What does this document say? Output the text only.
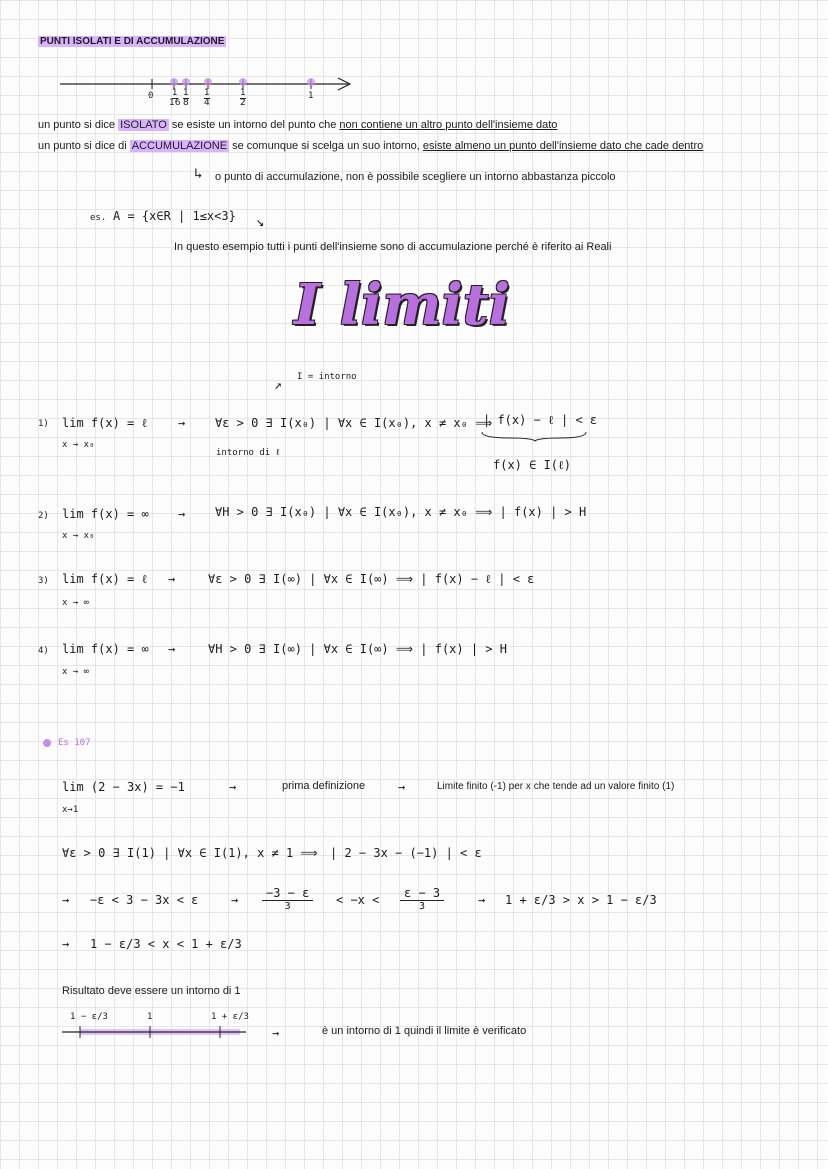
PUNTI ISOLATI E DI ACCUMULAZIONE
$0 \frac{1}{16} \frac{1}{8} \frac{1}{4}$	$\frac{1}{2}$	1
un punto si dice ISOLATO se esiste un intorno del punto che non contiene un altro punto dell'insieme dato
un punto si dice di ACCUMULAZIONE se comunque si scelga un suo intorno, esiste almeno un punto dell'insieme dato che cade dentro
↳ o punto di accumulazione, non è possibile scegliere un intorno abbastanza piccolo
es. A = {x∈R | 1≤x<3} ↘
In questo esempio tutti i punti dell'insieme sono di accumulazione perché è riferito ai Reali
I limiti
↗
I = intorno
1) lim f(x) = ℓ
x → x₀
→ ∀ε > 0 ∃ I(x₀) | ∀x ∈ I(x₀), x ≠ x₀ ⟹
| f(x) − ℓ | < ε
intorno di ℓ
f(x) ∈ I(ℓ)
2) lim f(x) = ∞
x → x₀
→ ∀H > 0 ∃ I(x₀) | ∀x ∈ I(x₀), x ≠ x₀ ⟹ | f(x) | > H
3) lim f(x) = ℓ
x → ∞
→	∀ε > 0 ∃ I(∞) | ∀x ∈ I(∞) ⟹ | f(x) − ℓ | < ε
4) lim f(x) = ∞
x → ∞
→	∀H > 0 ∃ I(∞) | ∀x ∈ I(∞) ⟹ | f(x) | > H
Es 107
lim (2 − 3x) = −1
x→1
→	prima definizione	→	Limite finito (-1) per x che tende ad un valore finito (1)
∀ε > 0 ∃ I(1) | ∀x ∈ I(1), x ≠ 1 ⟹ | 2 − 3x − (−1) | < ε
→ −ε < 3 − 3x < ε	→	−3 − ε
3	< −x <	ε − 3
3	→ 1 + ε/3 > x > 1 − ε/3
→ 1 − ε/3 < x < 1 + ε/3
Risultato deve essere un intorno di 1
1 − ε/3	1	1 + ε/3
→	è un intorno di 1 quindi il limite è verificato
